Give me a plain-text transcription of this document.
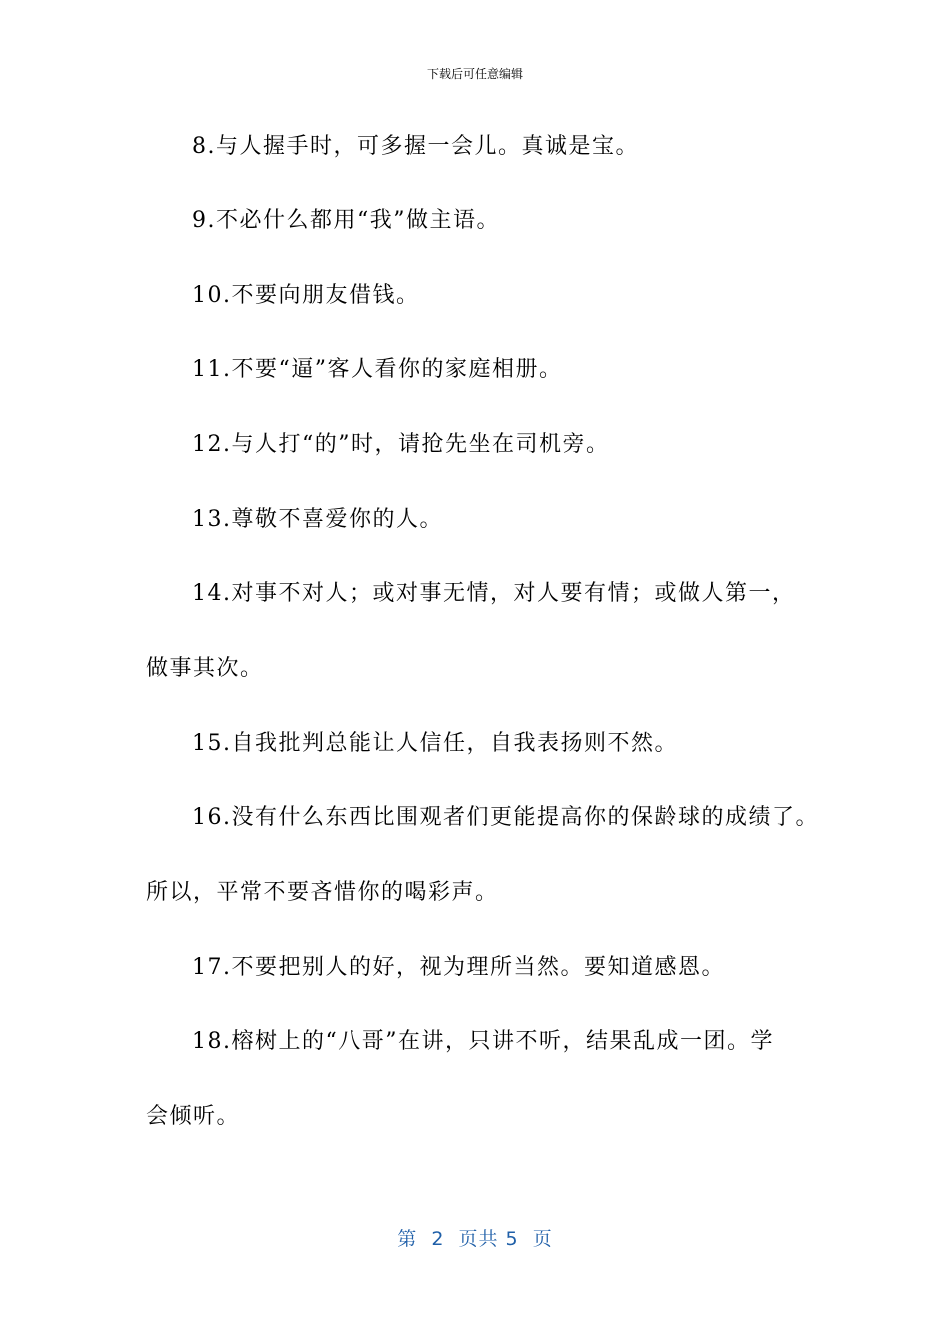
下载后可任意编辑
8.与人握手时，可多握一会儿。真诚是宝。
9.不必什么都用“我”做主语。
10.不要向朋友借钱。
11.不要“逼”客人看你的家庭相册。
12.与人打“的”时，请抢先坐在司机旁。
13.尊敬不喜爱你的人。
14.对事不对人；或对事无情，对人要有情；或做人第一，
做事其次。
15.自我批判总能让人信任，自我表扬则不然。
16.没有什么东西比围观者们更能提高你的保龄球的成绩了。
所以，平常不要吝惜你的喝彩声。
17.不要把别人的好，视为理所当然。要知道感恩。
18.榕树上的“八哥”在讲，只讲不听，结果乱成一团。学
会倾听。
第  2  页共 5  页
